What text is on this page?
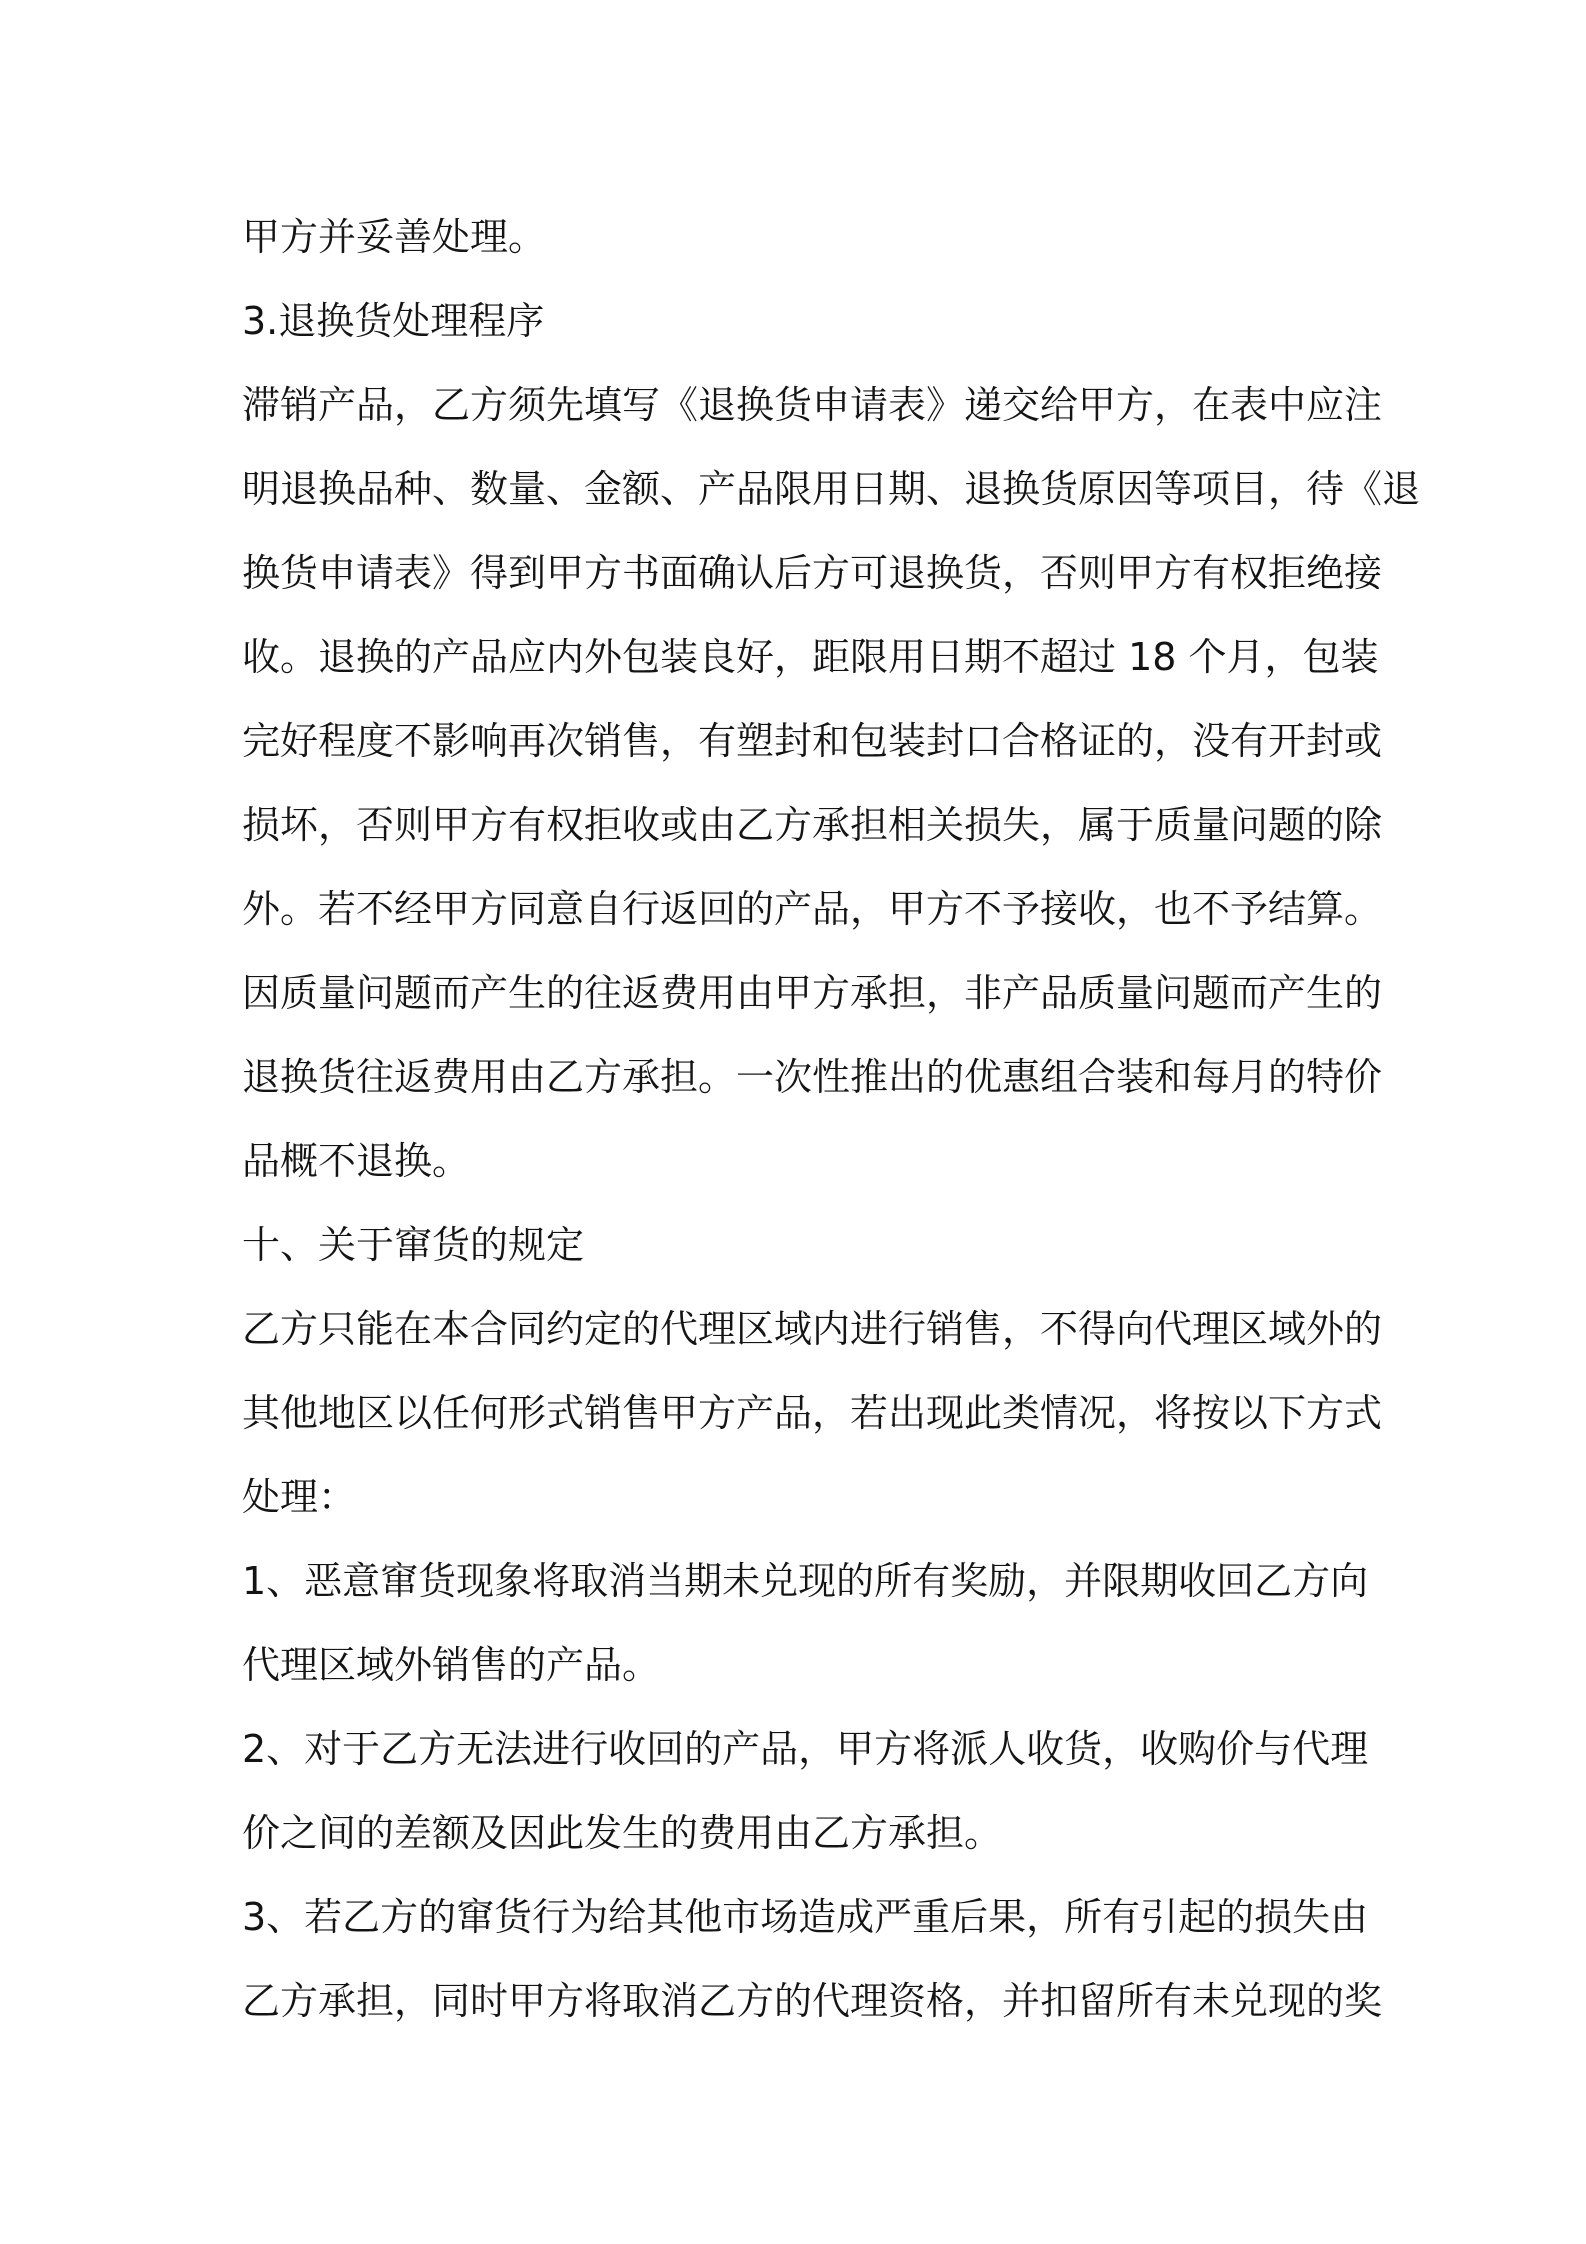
甲方并妥善处理。
3.退换货处理程序
滞销产品，乙方须先填写《退换货申请表》递交给甲方，在表中应注
明退换品种、数量、金额、产品限用日期、退换货原因等项目，待《退
换货申请表》得到甲方书面确认后方可退换货，否则甲方有权拒绝接
收。退换的产品应内外包装良好，距限用日期不超过 18 个月，包装
完好程度不影响再次销售，有塑封和包装封口合格证的，没有开封或
损坏，否则甲方有权拒收或由乙方承担相关损失，属于质量问题的除
外。若不经甲方同意自行返回的产品，甲方不予接收，也不予结算。
因质量问题而产生的往返费用由甲方承担，非产品质量问题而产生的
退换货往返费用由乙方承担。一次性推出的优惠组合装和每月的特价
品概不退换。
十、关于窜货的规定
乙方只能在本合同约定的代理区域内进行销售，不得向代理区域外的
其他地区以任何形式销售甲方产品，若出现此类情况，将按以下方式
处理：
1、恶意窜货现象将取消当期未兑现的所有奖励，并限期收回乙方向
代理区域外销售的产品。
2、对于乙方无法进行收回的产品，甲方将派人收货，收购价与代理
价之间的差额及因此发生的费用由乙方承担。
3、若乙方的窜货行为给其他市场造成严重后果，所有引起的损失由
乙方承担，同时甲方将取消乙方的代理资格，并扣留所有未兑现的奖
